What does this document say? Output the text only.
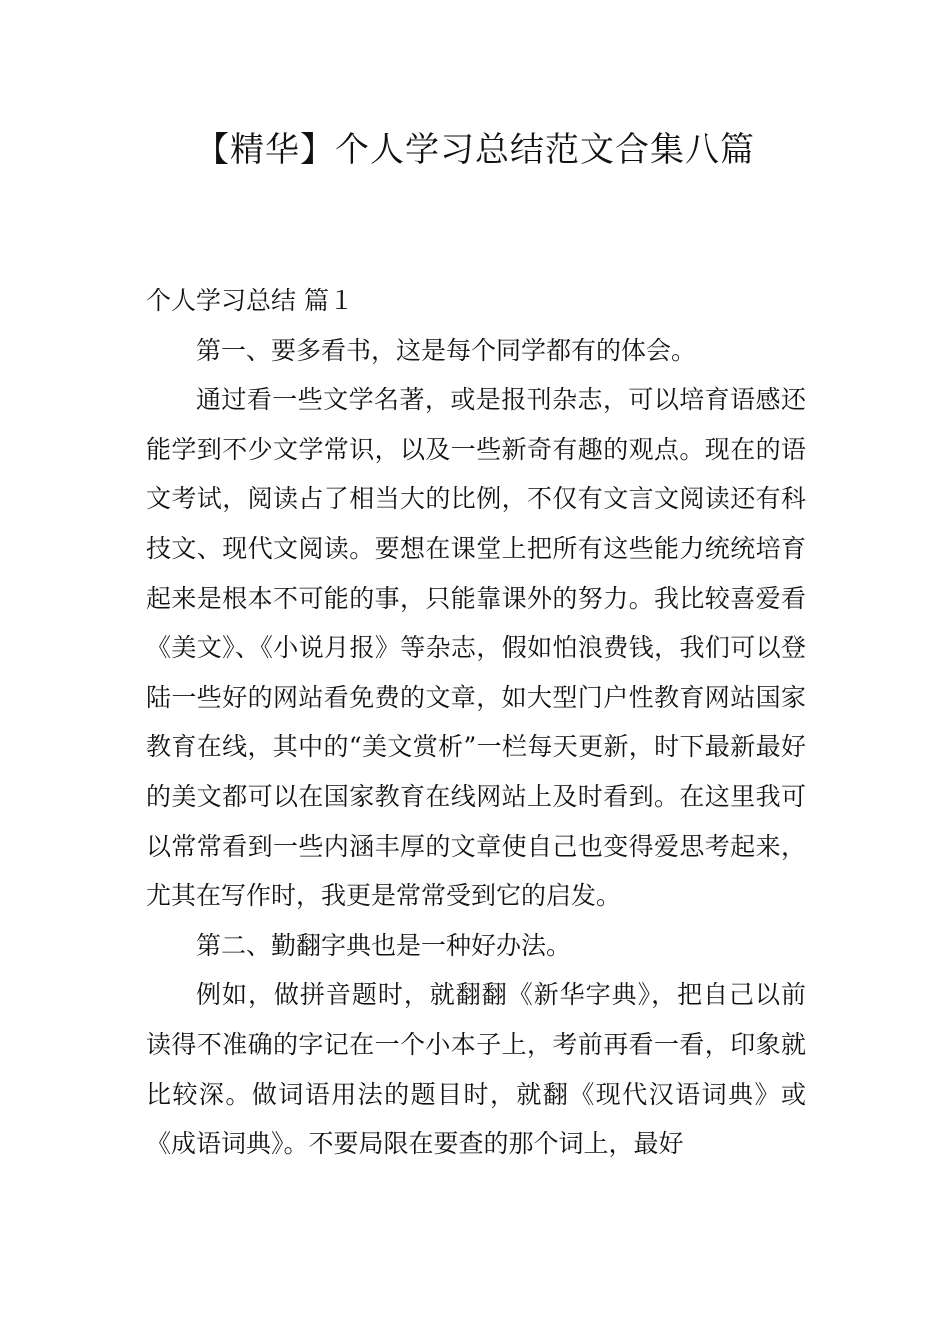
【精华】个人学习总结范文合集八篇

个人学习总结 篇１

第一、要多看书，这是每个同学都有的体会。

通过看一些文学名著，或是报刊杂志，可以培育语感还能学到不少文学常识，以及一些新奇有趣的观点。现在的语文考试，阅读占了相当大的比例，不仅有文言文阅读还有科技文、现代文阅读。要想在课堂上把所有这些能力统统培育起来是根本不可能的事，只能靠课外的努力。我比较喜爱看《美文》、《小说月报》等杂志，假如怕浪费钱，我们可以登陆一些好的网站看免费的文章，如大型门户性教育网站国家教育在线，其中的“美文赏析”一栏每天更新，时下最新最好的美文都可以在国家教育在线网站上及时看到。在这里我可以常常看到一些内涵丰厚的文章使自己也变得爱思考起来，尤其在写作时，我更是常常受到它的启发。

第二、勤翻字典也是一种好办法。

例如，做拼音题时，就翻翻《新华字典》，把自己以前读得不准确的字记在一个小本子上，考前再看一看，印象就比较深。做词语用法的题目时，就翻《现代汉语词典》或《成语词典》。不要局限在要查的那个词上，最好
